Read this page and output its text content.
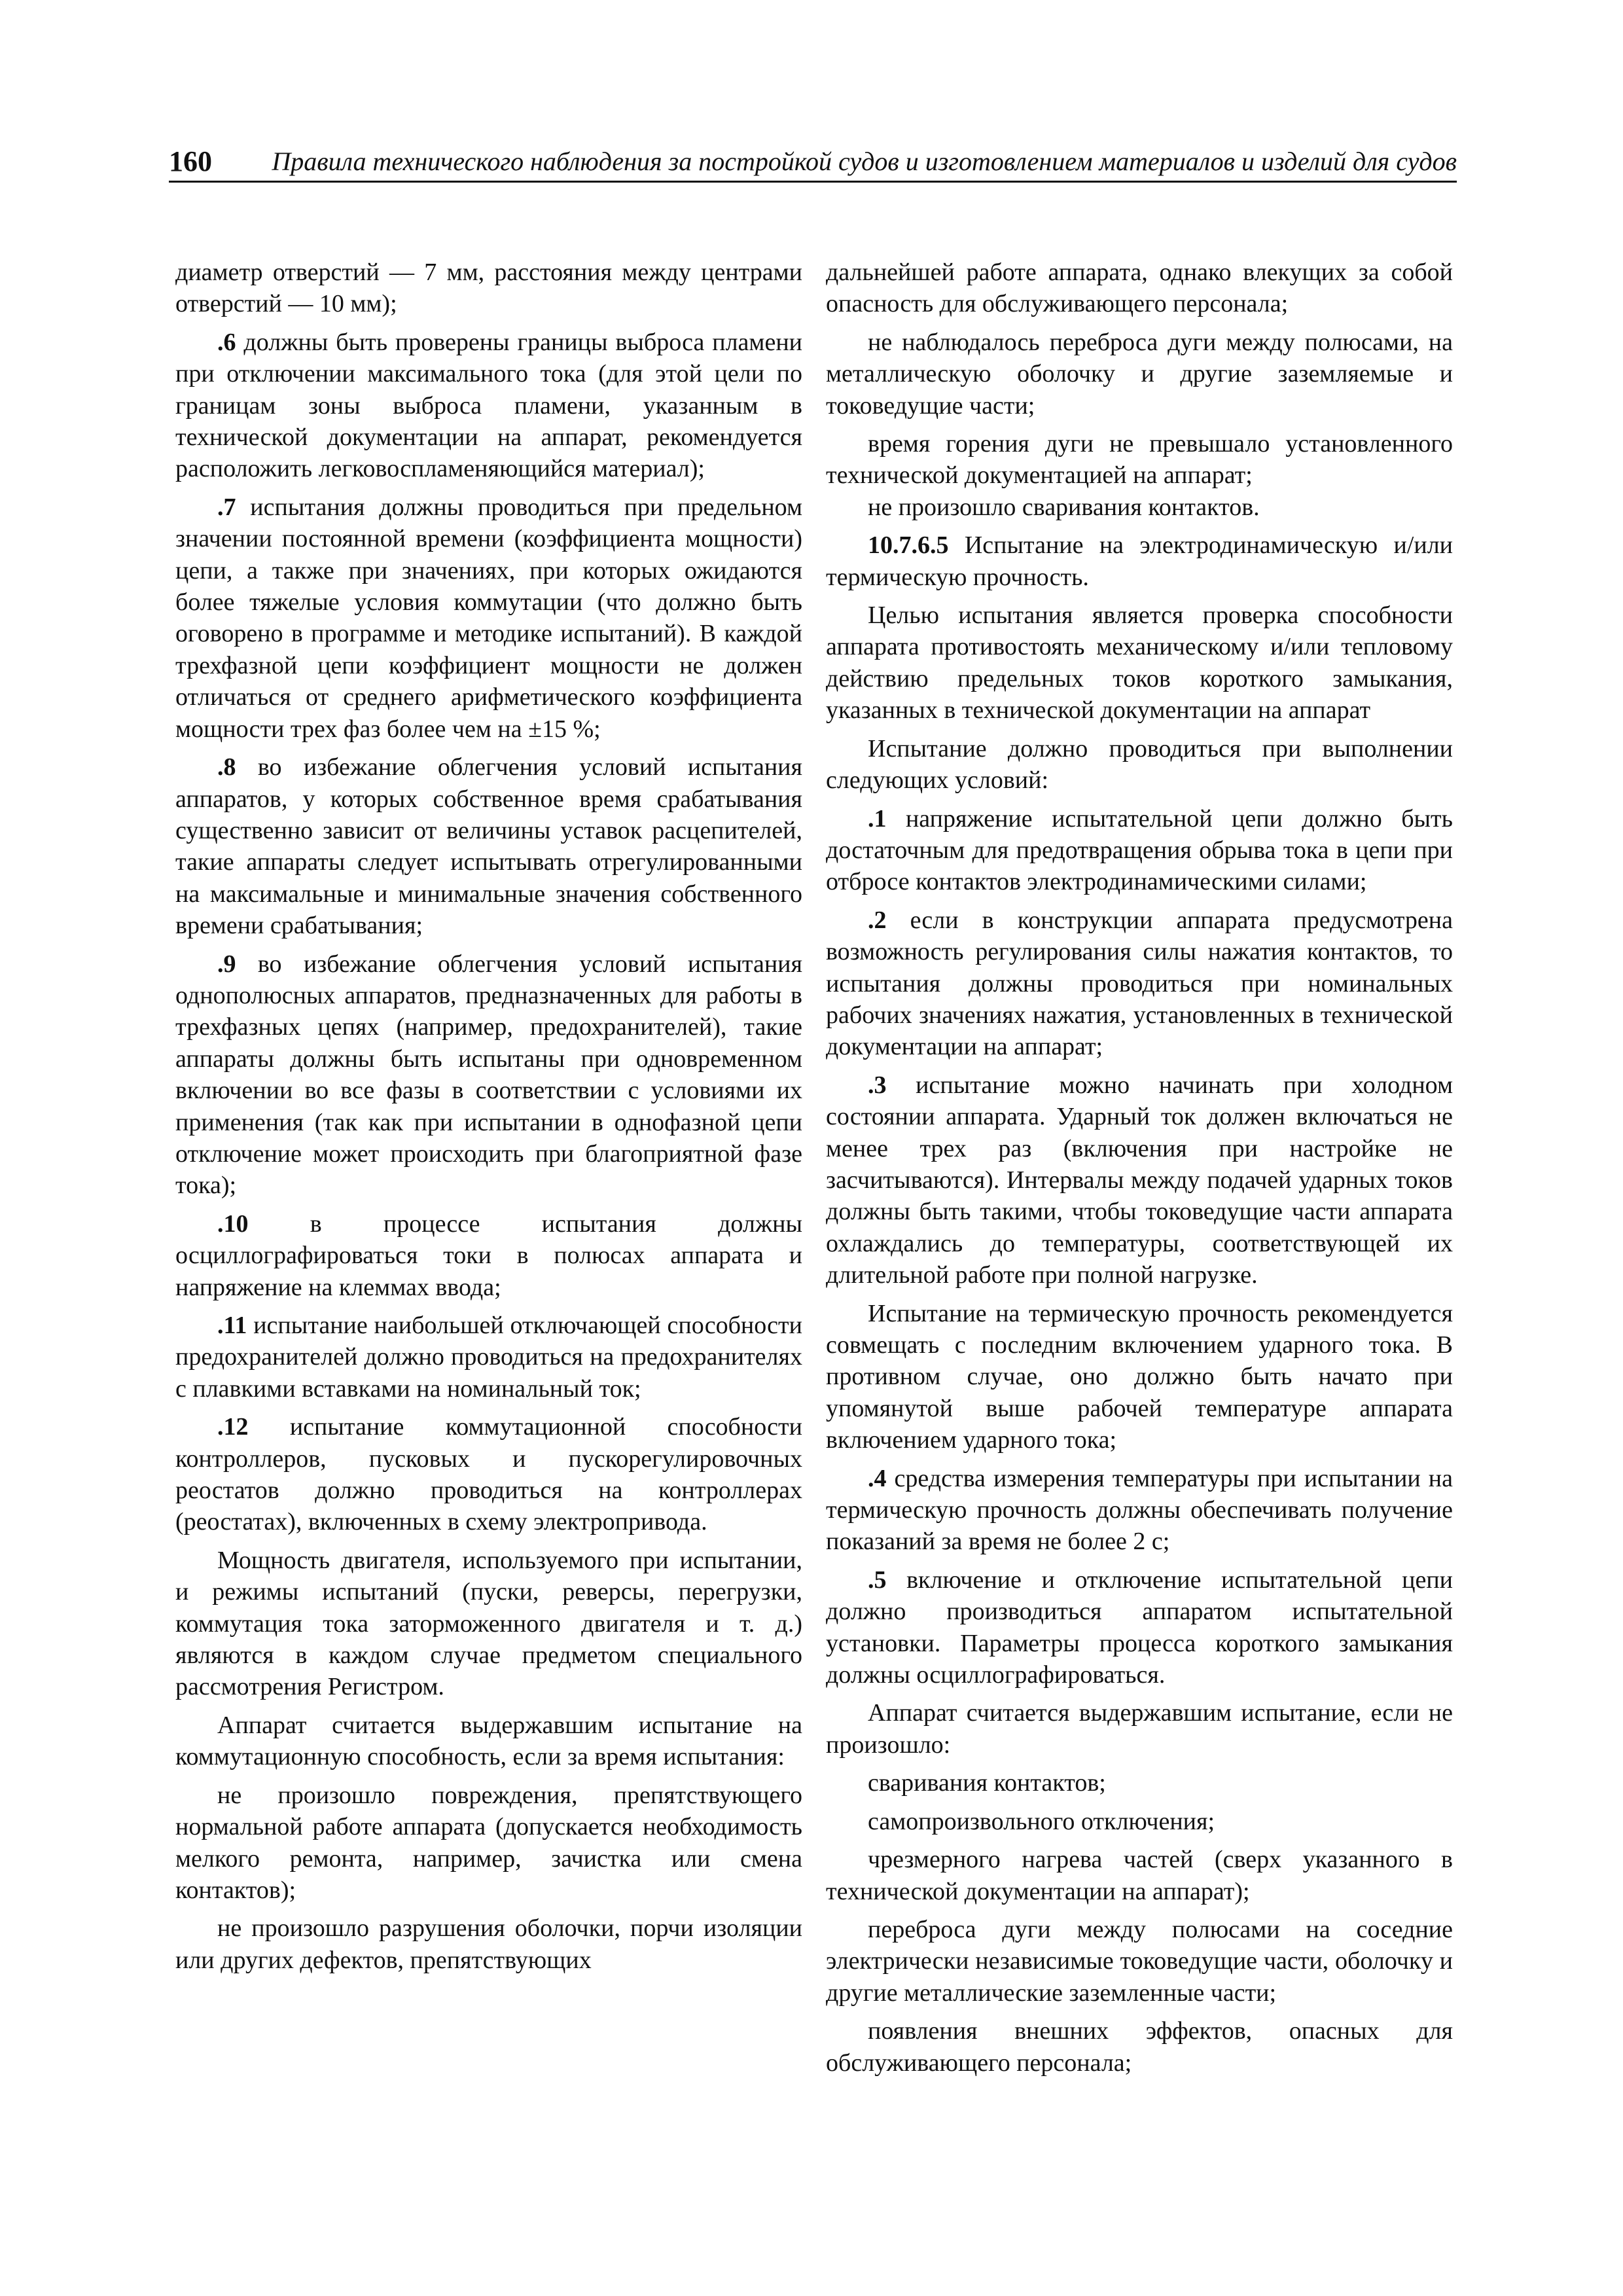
160 Правила технического наблюдения за постройкой судов и изготовлением материалов и изделий для судов

диаметр отверстий — 7 мм, расстояния между центрами отверстий — 10 мм);

.6 должны быть проверены границы выброса пламени при отключении максимального тока (для этой цели по границам зоны выброса пламени, указанным в технической документации на аппарат, рекомендуется расположить легковоспламеняющийся материал);

.7 испытания должны проводиться при предельном значении постоянной времени (коэффициента мощности) цепи, а также при значениях, при которых ожидаются более тяжелые условия коммутации (что должно быть оговорено в программе и методике испытаний). В каждой трехфазной цепи коэффициент мощности не должен отличаться от среднего арифметического коэффициента мощности трех фаз более чем на ±15 %;

.8 во избежание облегчения условий испытания аппаратов, у которых собственное время срабатывания существенно зависит от величины уставок расцепителей, такие аппараты следует испытывать отрегулированными на максимальные и минимальные значения собственного времени срабатывания;

.9 во избежание облегчения условий испытания однополюсных аппаратов, предназначенных для работы в трехфазных цепях (например, предохранителей), такие аппараты должны быть испытаны при одновременном включении во все фазы в соответствии с условиями их применения (так как при испытании в однофазной цепи отключение может происходить при благоприятной фазе тока);

.10 в процессе испытания должны осциллографироваться токи в полюсах аппарата и напряжение на клеммах ввода;

.11 испытание наибольшей отключающей способности предохранителей должно проводиться на предохранителях с плавкими вставками на номинальный ток;

.12 испытание коммутационной способности контроллеров, пусковых и пускорегулировочных реостатов должно проводиться на контроллерах (реостатах), включенных в схему электропривода.

Мощность двигателя, используемого при испытании, и режимы испытаний (пуски, реверсы, перегрузки, коммутация тока заторможенного двигателя и т. д.) являются в каждом случае предметом специального рассмотрения Регистром.

Аппарат считается выдержавшим испытание на коммутационную способность, если за время испытания:

не произошло повреждения, препятствующего нормальной работе аппарата (допускается необходимость мелкого ремонта, например, зачистка или смена контактов);

не произошло разрушения оболочки, порчи изоляции или других дефектов, препятствующих

дальнейшей работе аппарата, однако влекущих за собой опасность для обслуживающего персонала;

не наблюдалось переброса дуги между полюсами, на металлическую оболочку и другие заземляемые и токоведущие части;

время горения дуги не превышало установленного технической документацией на аппарат;

не произошло сваривания контактов.

10.7.6.5 Испытание на электродинамическую и/или термическую прочность.

Целью испытания является проверка способности аппарата противостоять механическому и/или тепловому действию предельных токов короткого замыкания, указанных в технической документации на аппарат

Испытание должно проводиться при выполнении следующих условий:

.1 напряжение испытательной цепи должно быть достаточным для предотвращения обрыва тока в цепи при отбросе контактов электродинамическими силами;

.2 если в конструкции аппарата предусмотрена возможность регулирования силы нажатия контактов, то испытания должны проводиться при номинальных рабочих значениях нажатия, установленных в технической документации на аппарат;

.3 испытание можно начинать при холодном состоянии аппарата. Ударный ток должен включаться не менее трех раз (включения при настройке не засчитываются). Интервалы между подачей ударных токов должны быть такими, чтобы токоведущие части аппарата охлаждались до температуры, соответствующей их длительной работе при полной нагрузке.

Испытание на термическую прочность рекомендуется совмещать с последним включением ударного тока. В противном случае, оно должно быть начато при упомянутой выше рабочей температуре аппарата включением ударного тока;

.4 средства измерения температуры при испытании на термическую прочность должны обеспечивать получение показаний за время не более 2 с;

.5 включение и отключение испытательной цепи должно производиться аппаратом испытательной установки. Параметры процесса короткого замыкания должны осциллографироваться.

Аппарат считается выдержавшим испытание, если не произошло:

сваривания контактов;

самопроизвольного отключения;

чрезмерного нагрева частей (сверх указанного в технической документации на аппарат);

переброса дуги между полюсами на соседние электрически независимые токоведущие части, оболочку и другие металлические заземленные части;

появления внешних эффектов, опасных для обслуживающего персонала;
